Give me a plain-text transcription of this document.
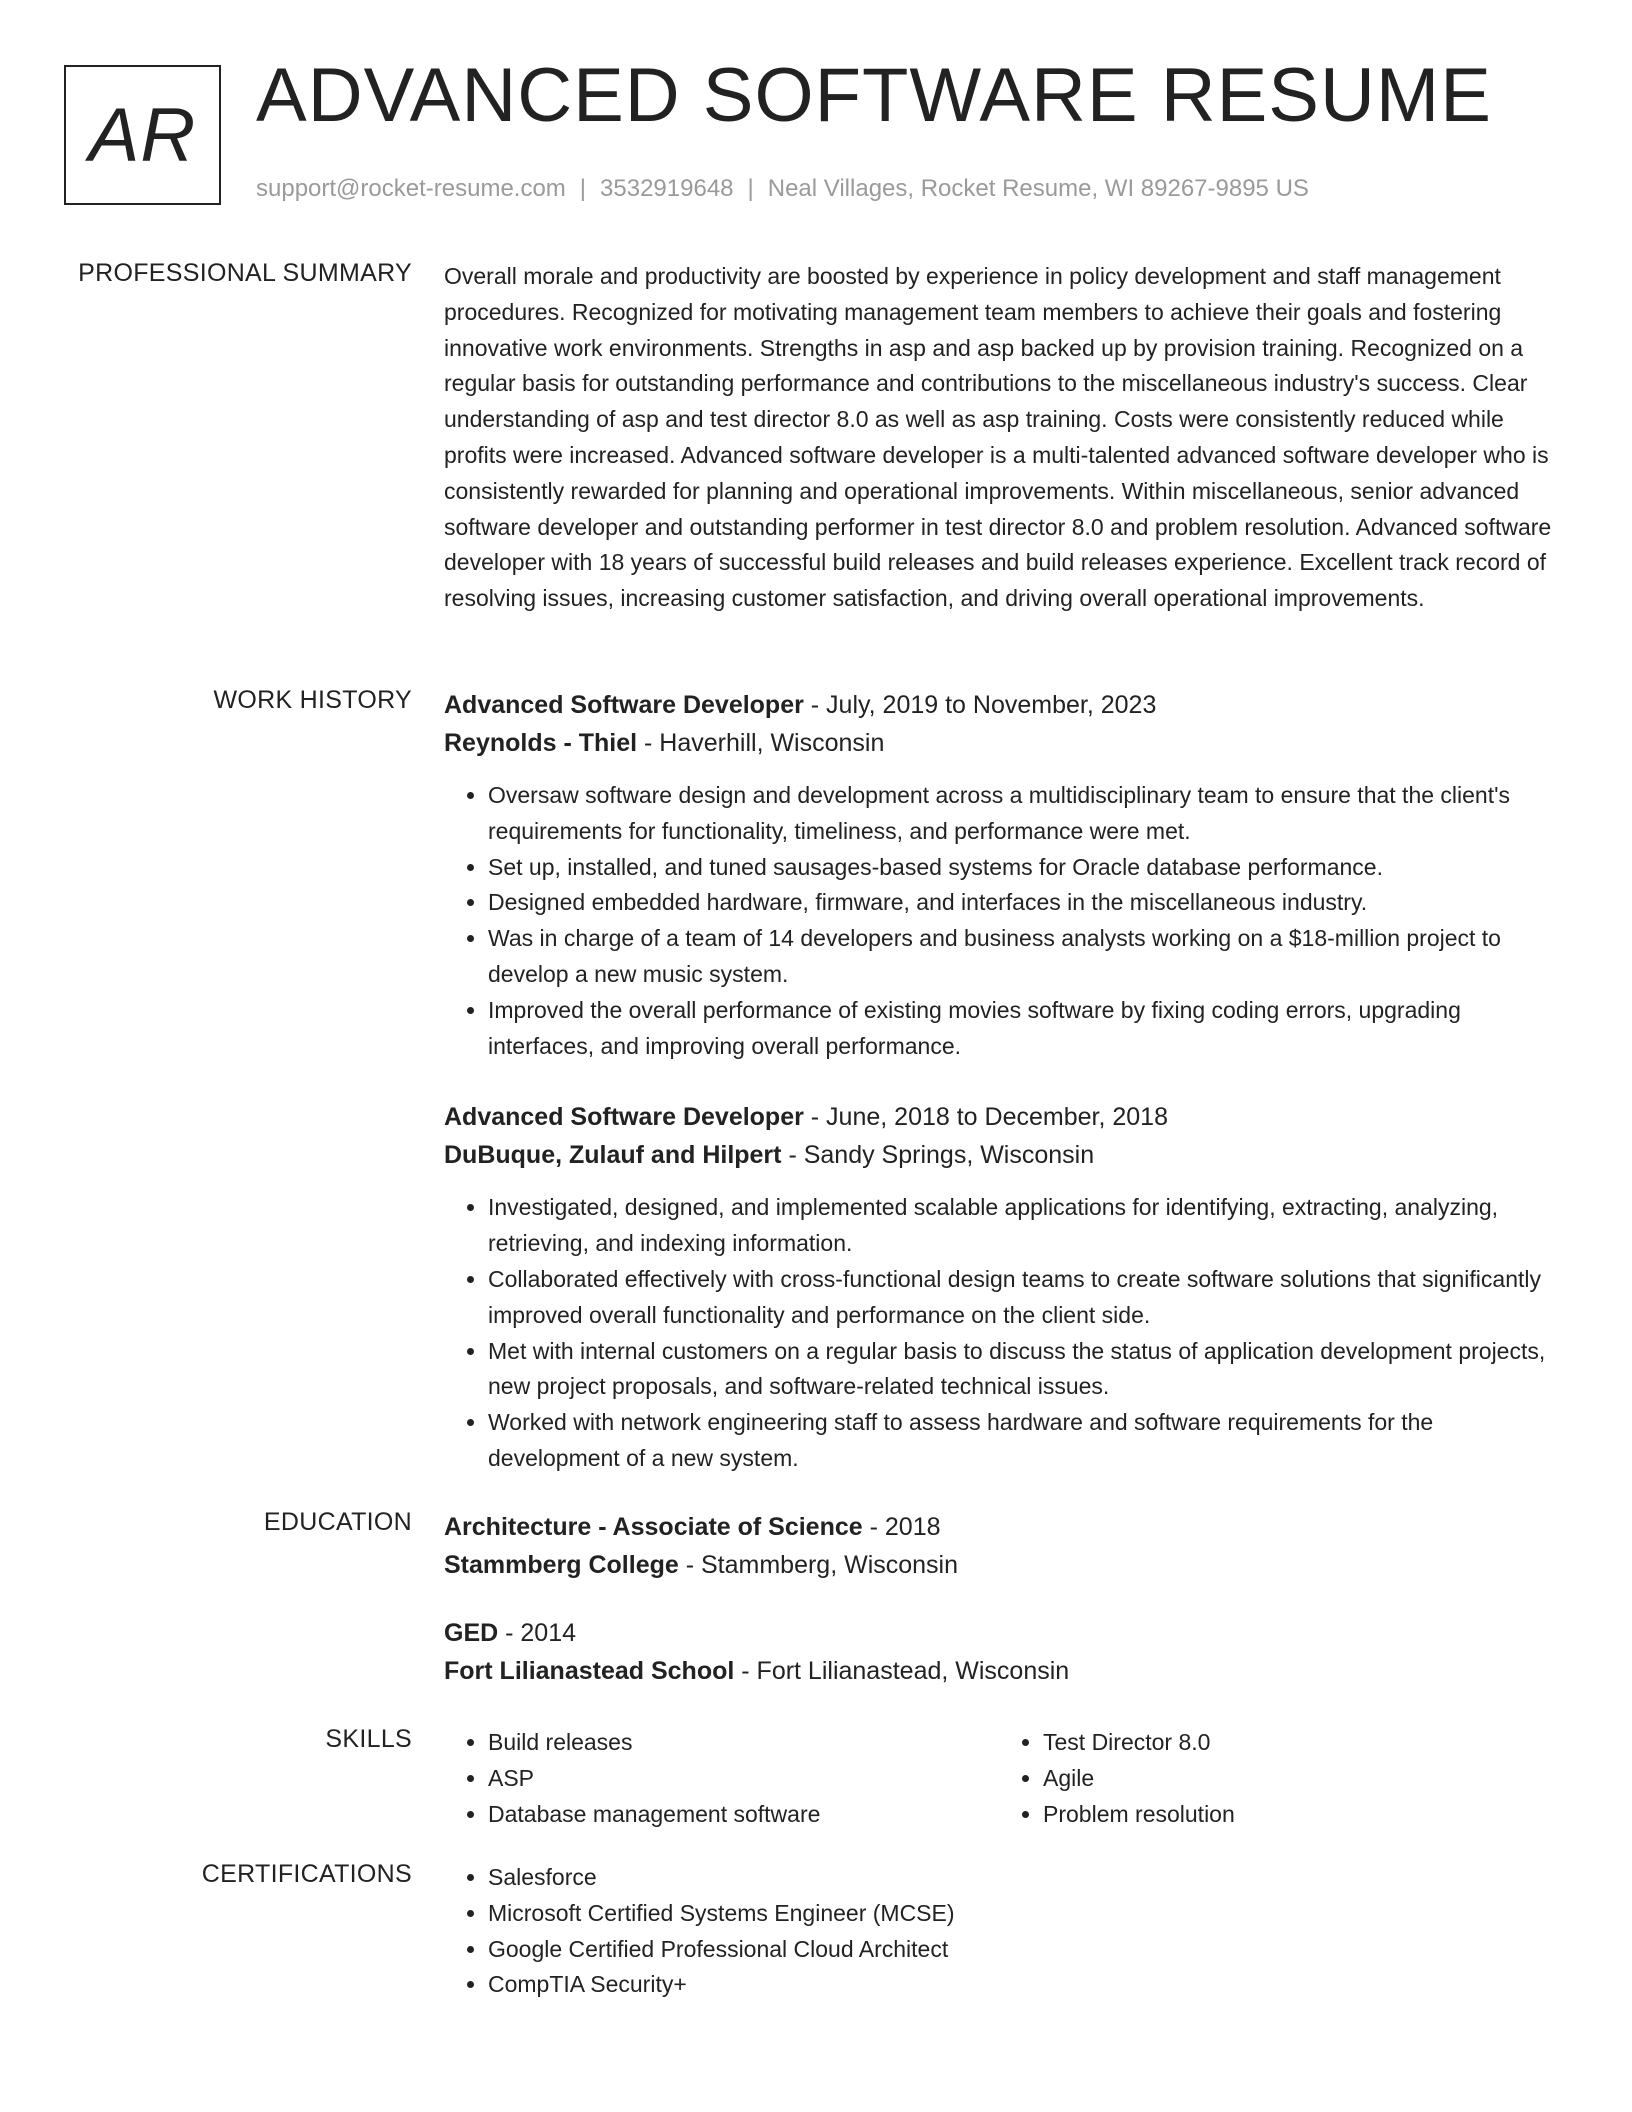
AR ADVANCED SOFTWARE RESUME
support@rocket-resume.com | 3532919648 | Neal Villages, Rocket Resume, WI 89267-9895 US
PROFESSIONAL SUMMARY Overall morale and productivity are boosted by experience in policy development and staff management procedures. Recognized for motivating management team members to achieve their goals and fostering innovative work environments. Strengths in asp and asp backed up by provision training. Recognized on a regular basis for outstanding performance and contributions to the miscellaneous industry's success. Clear understanding of asp and test director 8.0 as well as asp training. Costs were consistently reduced while profits were increased. Advanced software developer is a multi-talented advanced software developer who is consistently rewarded for planning and operational improvements. Within miscellaneous, senior advanced software developer and outstanding performer in test director 8.0 and problem resolution. Advanced software developer with 18 years of successful build releases and build releases experience. Excellent track record of resolving issues, increasing customer satisfaction, and driving overall operational improvements.

WORK HISTORY Advanced Software Developer - July, 2019 to November, 2023
Reynolds - Thiel - Haverhill, Wisconsin
• Oversaw software design and development across a multidisciplinary team to ensure that the client's requirements for functionality, timeliness, and performance were met.
• Set up, installed, and tuned sausages-based systems for Oracle database performance.
• Designed embedded hardware, firmware, and interfaces in the miscellaneous industry.
• Was in charge of a team of 14 developers and business analysts working on a $18-million project to develop a new music system.
• Improved the overall performance of existing movies software by fixing coding errors, upgrading interfaces, and improving overall performance.
Advanced Software Developer - June, 2018 to December, 2018
DuBuque, Zulauf and Hilpert - Sandy Springs, Wisconsin
• Investigated, designed, and implemented scalable applications for identifying, extracting, analyzing, retrieving, and indexing information.
• Collaborated effectively with cross-functional design teams to create software solutions that significantly improved overall functionality and performance on the client side.
• Met with internal customers on a regular basis to discuss the status of application development projects, new project proposals, and software-related technical issues.
• Worked with network engineering staff to assess hardware and software requirements for the development of a new system.
EDUCATION Architecture - Associate of Science - 2018
Stammberg College - Stammberg, Wisconsin
GED - 2014
Fort Lilianastead School - Fort Lilianastead, Wisconsin
SKILLS	• Build releases
• ASP
• Database management software
• Test Director 8.0
• Agile
• Problem resolution
CERTIFICATIONS	• Salesforce
• Microsoft Certified Systems Engineer (MCSE)
• Google Certified Professional Cloud Architect
• CompTIA Security+
